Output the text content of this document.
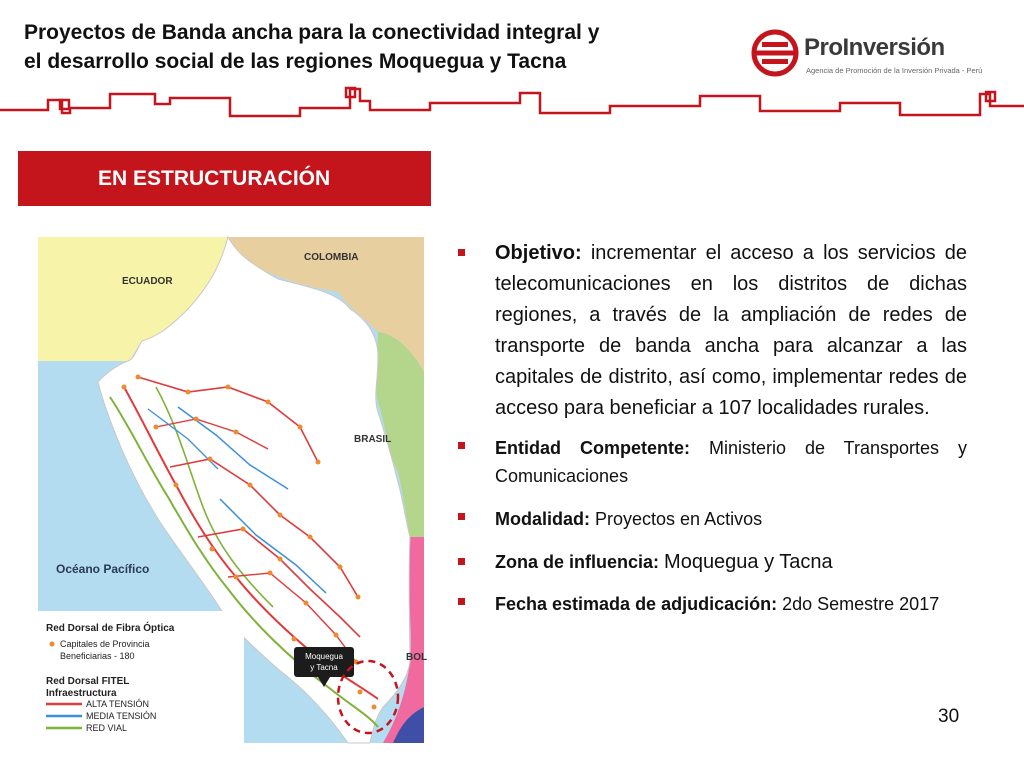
Proyectos de Banda ancha para la conectividad integral y
el desarrollo social de las regiones Moquegua y Tacna
ProInversión
Agencia de Promoción de la Inversión Privada - Perú
EN ESTRUCTURACIÓN
ECUADOR
COLOMBIA
BRASIL
BOL
Océano Pacífico
Moquegua
y Tacna
Red Dorsal de Fibra Óptica
Capitales de Provincia
Beneficiarias - 180
Red Dorsal FITEL
Infraestructura
ALTA TENSIÓN
MEDIA TENSIÓN
RED VIAL
Objetivo: incrementar el acceso a los servicios de telecomunicaciones en los distritos de dichas regiones, a través de la ampliación de redes de transporte de banda ancha para alcanzar a las capitales de distrito, así como, implementar redes de acceso para beneficiar a 107 localidades rurales.
Entidad Competente: Ministerio de Transportes y Comunicaciones
Modalidad: Proyectos en Activos
Zona de influencia: Moquegua y Tacna
Fecha estimada de adjudicación: 2do Semestre 2017
30
